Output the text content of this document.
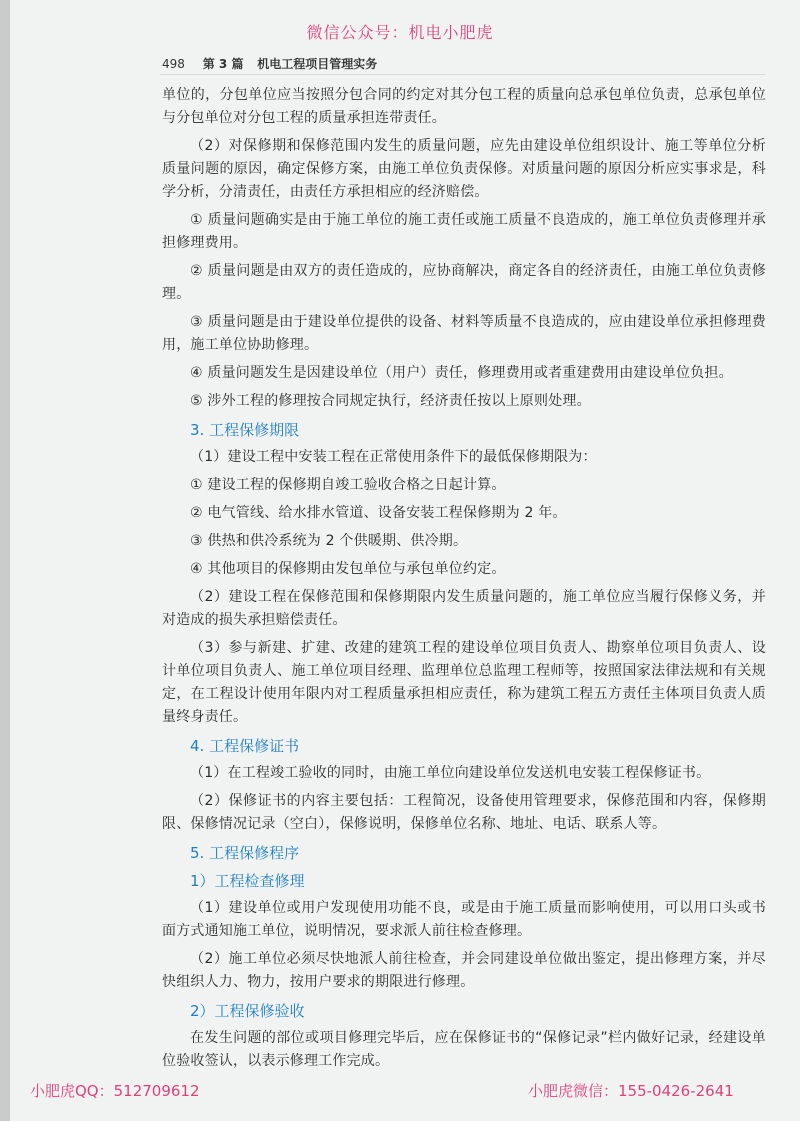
微信公众号：机电小肥虎
498 第 3 篇 机电工程项目管理实务

单位的，分包单位应当按照分包合同的约定对其分包工程的质量向总承包单位负责，总承包单位与分包单位对分包工程的质量承担连带责任。

（2）对保修期和保修范围内发生的质量问题，应先由建设单位组织设计、施工等单位分析质量问题的原因，确定保修方案，由施工单位负责保修。对质量问题的原因分析应实事求是，科学分析，分清责任，由责任方承担相应的经济赔偿。

① 质量问题确实是由于施工单位的施工责任或施工质量不良造成的，施工单位负责修理并承担修理费用。

② 质量问题是由双方的责任造成的，应协商解决，商定各自的经济责任，由施工单位负责修理。

③ 质量问题是由于建设单位提供的设备、材料等质量不良造成的，应由建设单位承担修理费用，施工单位协助修理。

④ 质量问题发生是因建设单位（用户）责任，修理费用或者重建费用由建设单位负担。

⑤ 涉外工程的修理按合同规定执行，经济责任按以上原则处理。

3. 工程保修期限

（1）建设工程中安装工程在正常使用条件下的最低保修期限为：

① 建设工程的保修期自竣工验收合格之日起计算。

② 电气管线、给水排水管道、设备安装工程保修期为 2 年。

③ 供热和供冷系统为 2 个供暖期、供冷期。

④ 其他项目的保修期由发包单位与承包单位约定。

（2）建设工程在保修范围和保修期限内发生质量问题的，施工单位应当履行保修义务，并对造成的损失承担赔偿责任。

（3）参与新建、扩建、改建的建筑工程的建设单位项目负责人、勘察单位项目负责人、设计单位项目负责人、施工单位项目经理、监理单位总监理工程师等，按照国家法律法规和有关规定，在工程设计使用年限内对工程质量承担相应责任，称为建筑工程五方责任主体项目负责人质量终身责任。

4. 工程保修证书

（1）在工程竣工验收的同时，由施工单位向建设单位发送机电安装工程保修证书。

（2）保修证书的内容主要包括：工程简况，设备使用管理要求，保修范围和内容，保修期限、保修情况记录（空白），保修说明，保修单位名称、地址、电话、联系人等。

5. 工程保修程序
1）工程检查修理

（1）建设单位或用户发现使用功能不良，或是由于施工质量而影响使用，可以用口头或书面方式通知施工单位，说明情况，要求派人前往检查修理。

（2）施工单位必须尽快地派人前往检查，并会同建设单位做出鉴定，提出修理方案，并尽快组织人力、物力，按用户要求的期限进行修理。

2）工程保修验收

在发生问题的部位或项目修理完毕后，应在保修证书的“保修记录”栏内做好记录，经建设单位验收签认，以表示修理工作完成。

小肥虎QQ：512709612	小肥虎微信：155-0426-2641
